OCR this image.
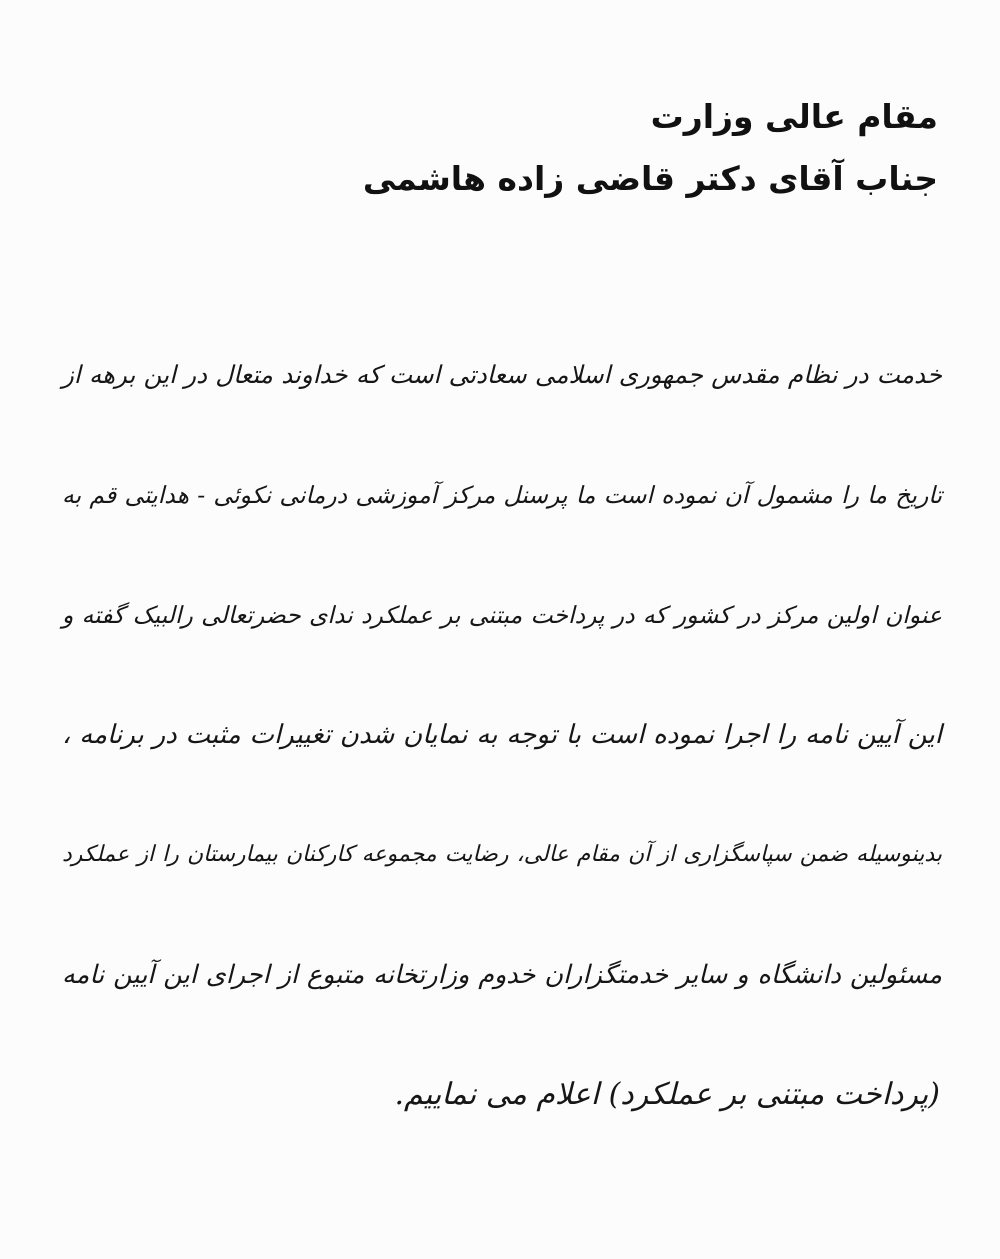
مقام عالی وزارت
جناب آقای دکتر قاضی زاده هاشمی
خدمت در نظام مقدس جمهوری اسلامی سعادتی است که خداوند متعال در این برهه از
تاریخ ما را مشمول آن نموده است ما پرسنل مرکز آموزشی درمانی نکوئی - هدایتی قم به
عنوان اولین مرکز در کشور که در پرداخت مبتنی بر عملکرد ندای حضرتعالی رالبیک گفته و
این آیین نامه را اجرا نموده است با توجه به نمایان شدن تغییرات مثبت در برنامه ،
بدینوسیله ضمن سپاسگزاری از آن مقام عالی، رضایت مجموعه کارکنان بیمارستان را از عملکرد
مسئولین دانشگاه و سایر خدمتگزاران خدوم وزارتخانه متبوع از اجرای این آیین نامه
(پرداخت مبتنی بر عملکرد) اعلام می نماییم.
